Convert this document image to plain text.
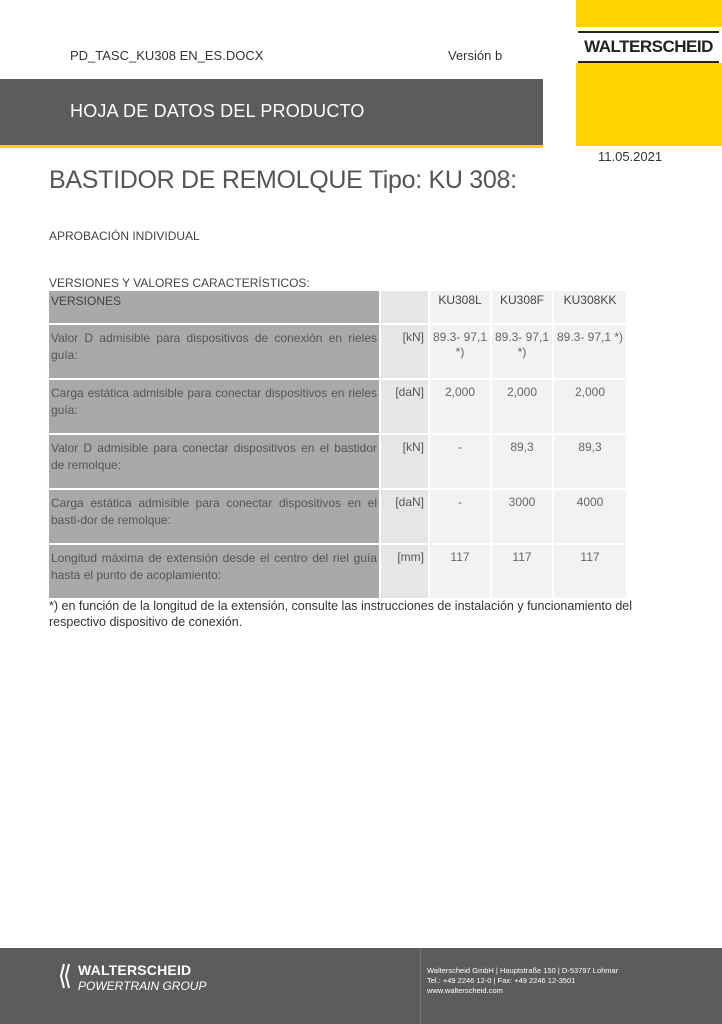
PD_TASC_KU308 EN_ES.DOCX	Versión b	WALTERSCHEID
HOJA DE DATOS DEL PRODUCTO
11.05.2021
BASTIDOR DE REMOLQUE Tipo: KU 308:
APROBACIÓN INDIVIDUAL
VERSIONES Y VALORES CARACTERÍSTICOS:
VERSIONES		KU308L	KU308F	KU308KK
Valor D admisible para dispositivos de conexión en rieles guía:	[kN]	89.3- 97,1 *)	89.3- 97,1 *)	89.3- 97,1 *)
Carga estática admisible para conectar dispositivos en rieles guía:	[daN]	2,000	2,000	2,000
Valor D admisible para conectar dispositivos en el bastidor de remolque:	[kN]	-	89,3	89,3
Carga estática admisible para conectar dispositivos en el basti-dor de remolque:	[daN]	-	3000	4000
Longitud máxima de extensión desde el centro del riel guía hasta el punto de acoplamiento:	[mm]	117	117	117
*) en función de la longitud de la extensión, consulte las instrucciones de instalación y funcionamiento del respectivo dispositivo de conexión.
WALTERSCHEID
POWERTRAIN GROUP
Walterscheid GmbH | Hauptstraße 150 | D-53797 Lohmar
Tel.: +49 2246 12-0 | Fax: +49 2246 12-3501
www.walterscheid.com
